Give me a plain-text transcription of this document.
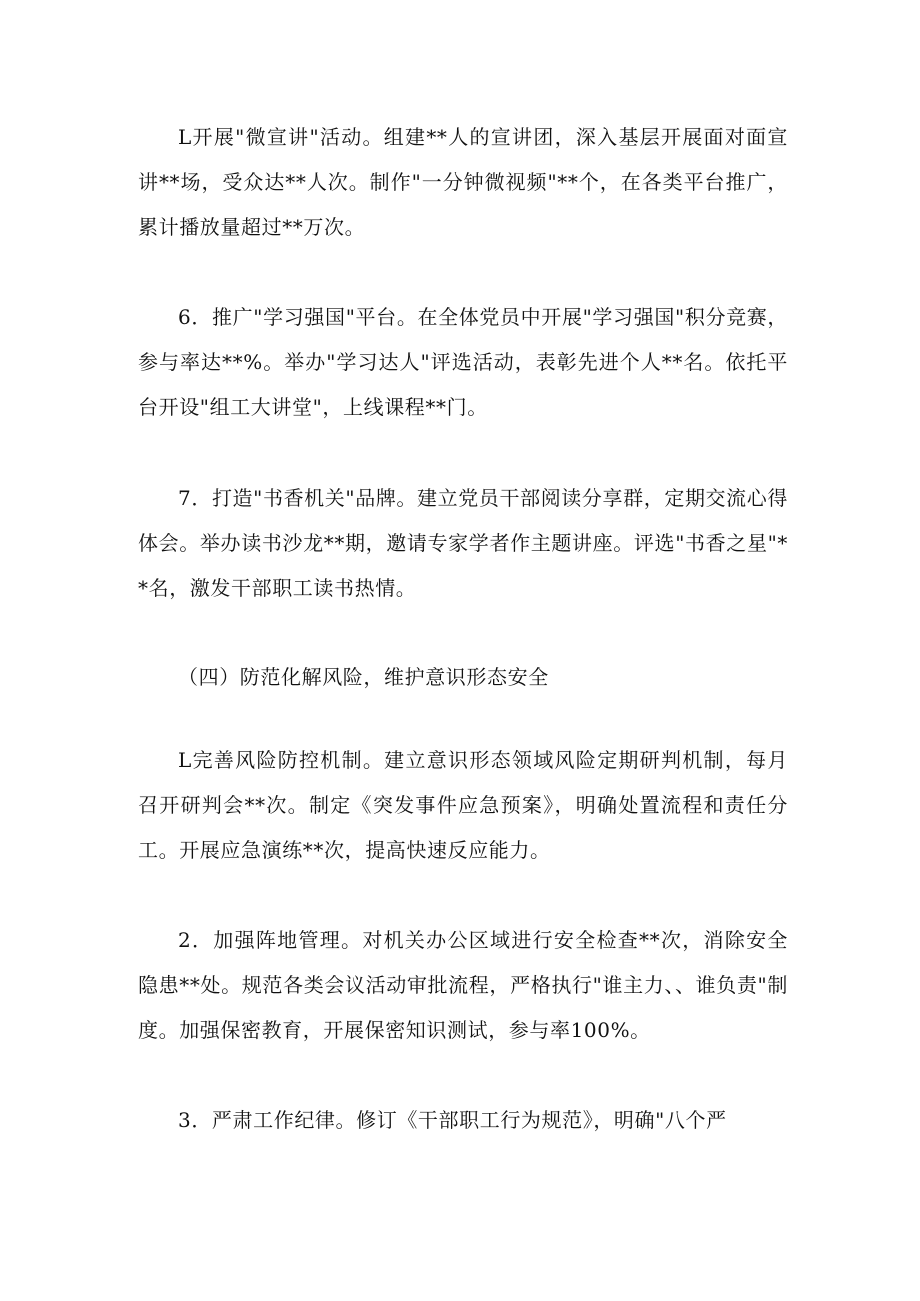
L开展"微宣讲"活动。组建**人的宣讲团，深入基层开展面对面宣讲**场，受众达**人次。制作"一分钟微视频"**个，在各类平台推广，累计播放量超过**万次。

6．推广"学习强国"平台。在全体党员中开展"学习强国"积分竞赛，参与率达**%。举办"学习达人"评选活动，表彰先进个人**名。依托平台开设"组工大讲堂"，上线课程**门。

7．打造"书香机关"品牌。建立党员干部阅读分享群，定期交流心得体会。举办读书沙龙**期，邀请专家学者作主题讲座。评选"书香之星"**名，激发干部职工读书热情。

（四）防范化解风险，维护意识形态安全

L完善风险防控机制。建立意识形态领域风险定期研判机制，每月召开研判会**次。制定《突发事件应急预案》，明确处置流程和责任分工。开展应急演练**次，提高快速反应能力。

2．加强阵地管理。对机关办公区域进行安全检查**次，消除安全隐患**处。规范各类会议活动审批流程，严格执行"谁主力、、谁负责"制度。加强保密教育，开展保密知识测试，参与率100%。

3．严肃工作纪律。修订《干部职工行为规范》，明确"八个严
